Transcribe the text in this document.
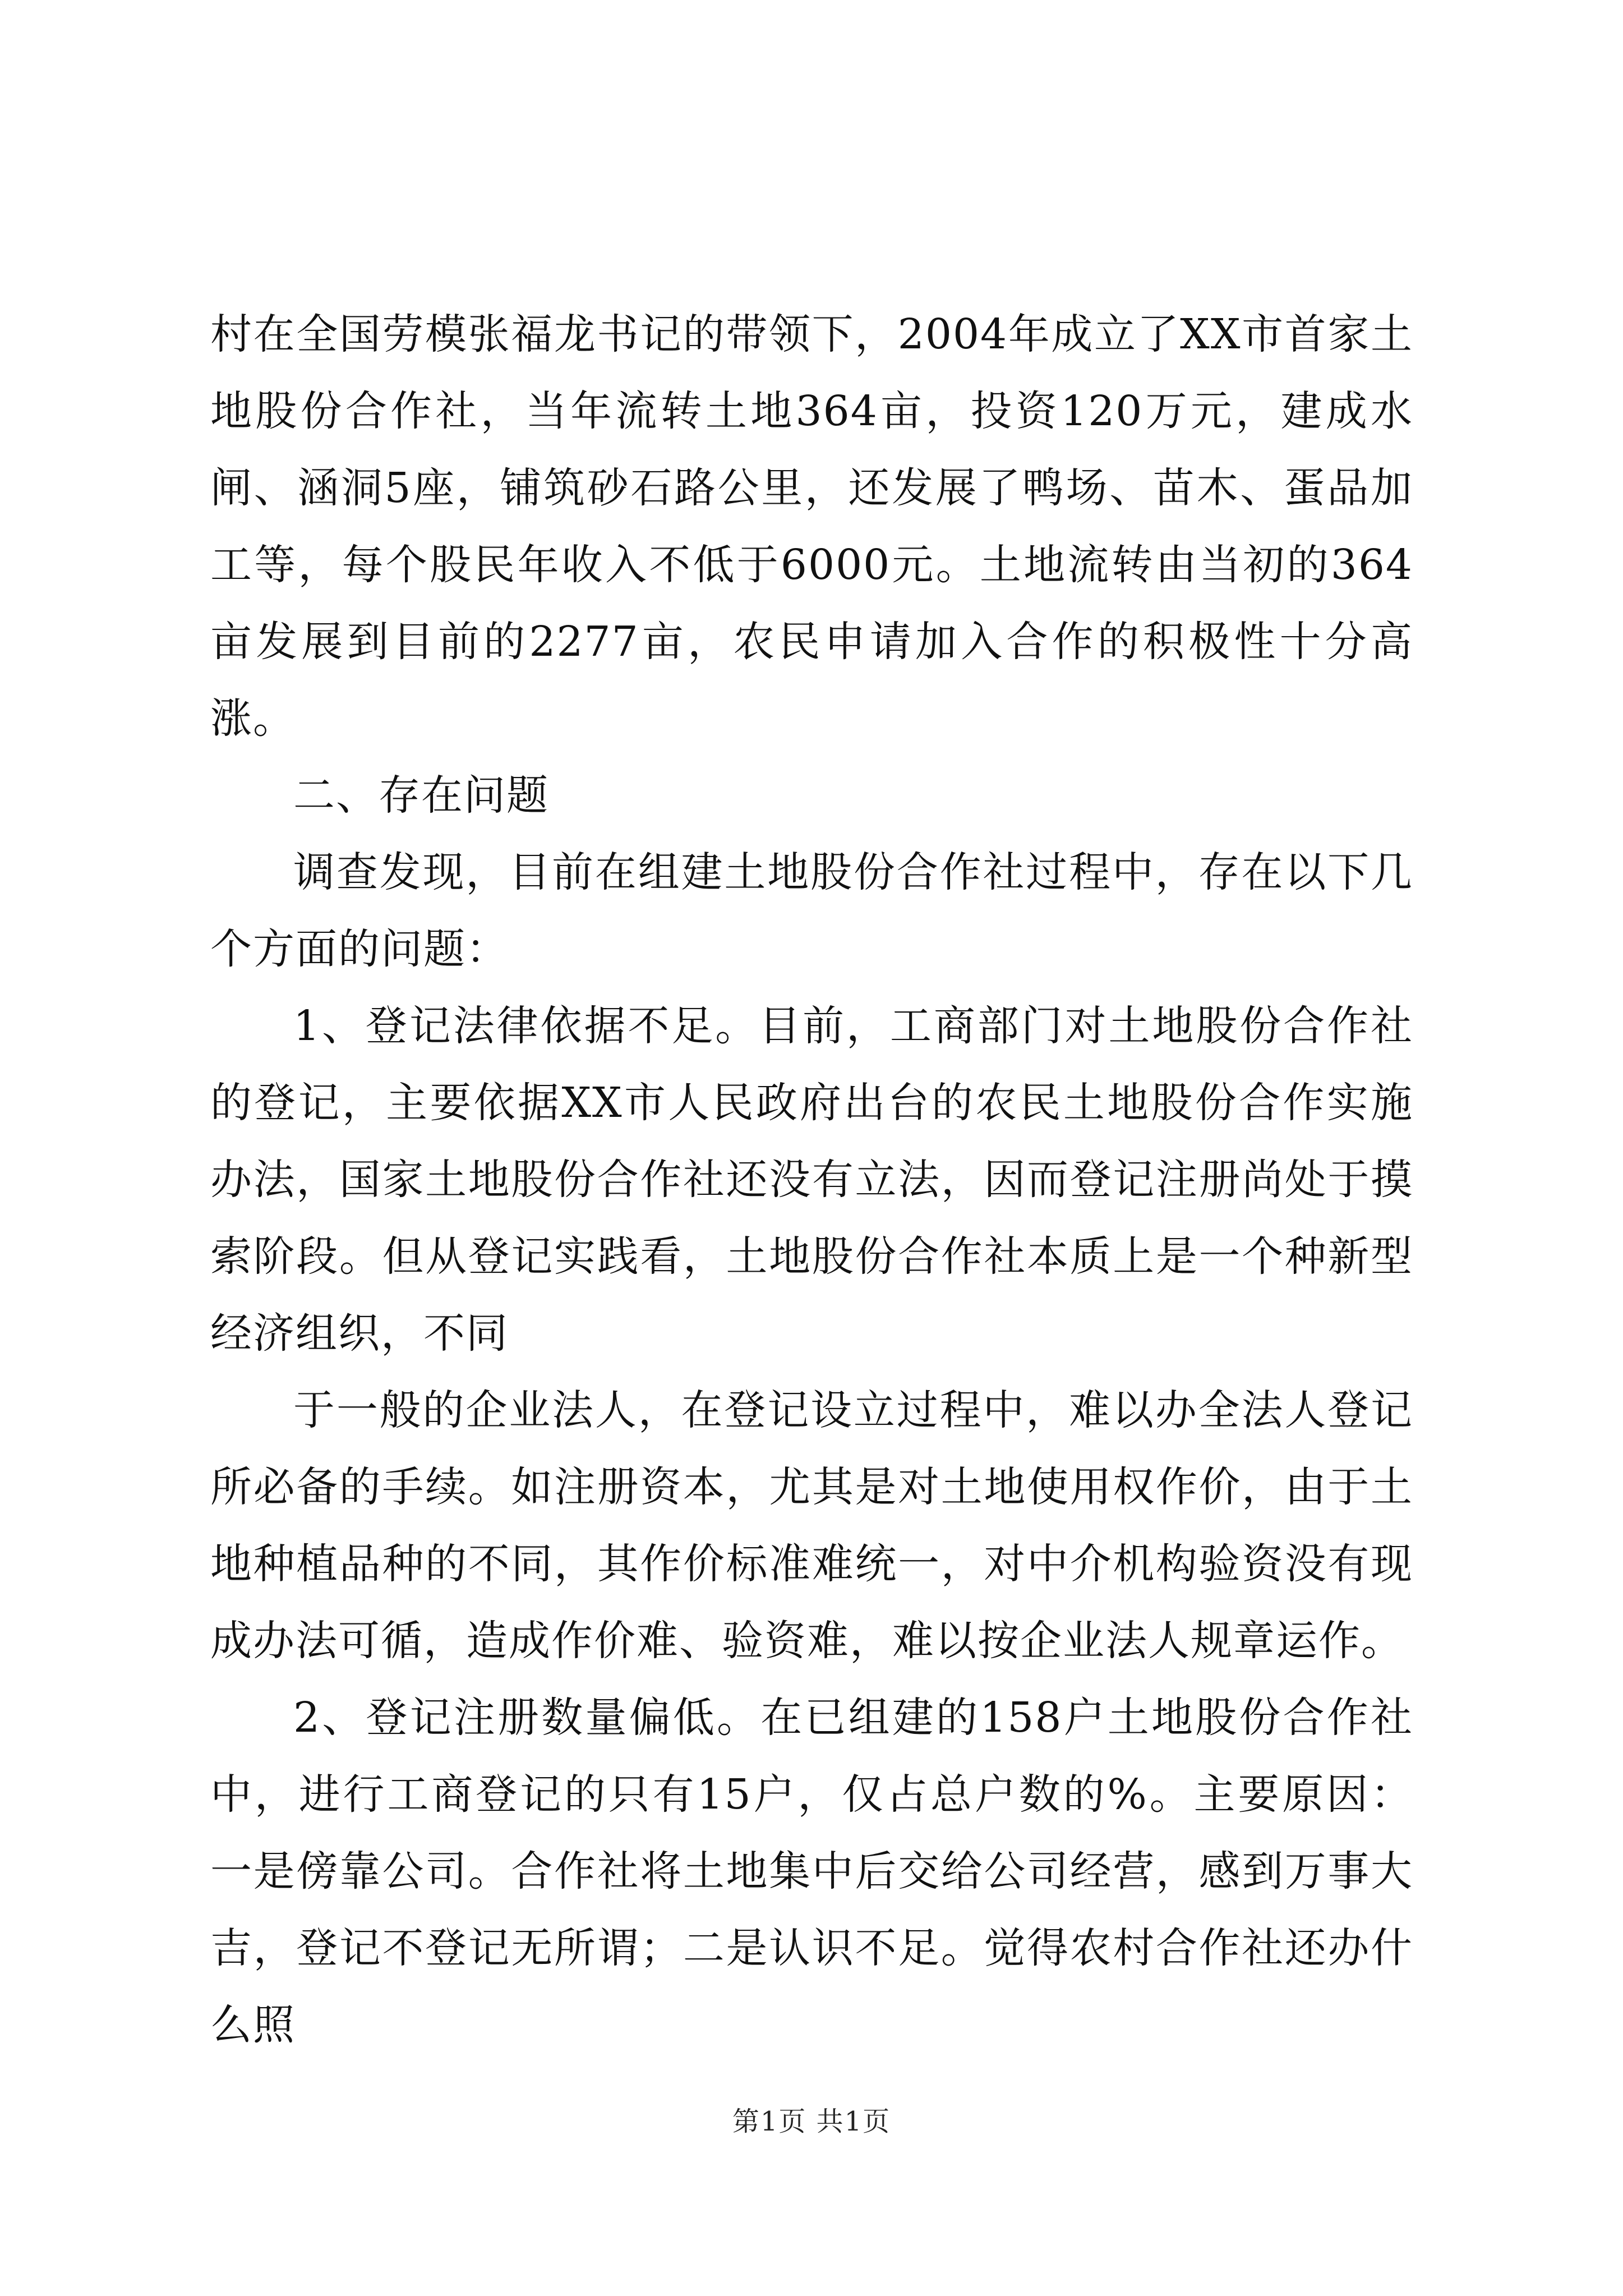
村在全国劳模张福龙书记的带领下，2004年成立了XX市首家土地股份合作社，当年流转土地364亩，投资120万元，建成水闸、涵洞5座，铺筑砂石路公里，还发展了鸭场、苗木、蛋品加工等，每个股民年收入不低于6000元。土地流转由当初的364亩发展到目前的2277亩，农民申请加入合作的积极性十分高涨。

二、存在问题

调查发现，目前在组建土地股份合作社过程中，存在以下几个方面的问题：

1、登记法律依据不足。目前，工商部门对土地股份合作社的登记，主要依据XX市人民政府出台的农民土地股份合作实施办法，国家土地股份合作社还没有立法，因而登记注册尚处于摸索阶段。但从登记实践看，土地股份合作社本质上是一个种新型经济组织，不同

于一般的企业法人，在登记设立过程中，难以办全法人登记所必备的手续。如注册资本，尤其是对土地使用权作价，由于土地种植品种的不同，其作价标准难统一，对中介机构验资没有现成办法可循，造成作价难、验资难，难以按企业法人规章运作。

2、登记注册数量偏低。在已组建的158户土地股份合作社中，进行工商登记的只有15户，仅占总户数的%。主要原因：一是傍靠公司。合作社将土地集中后交给公司经营，感到万事大吉，登记不登记无所谓；二是认识不足。觉得农村合作社还办什么照

第1页 共1页
